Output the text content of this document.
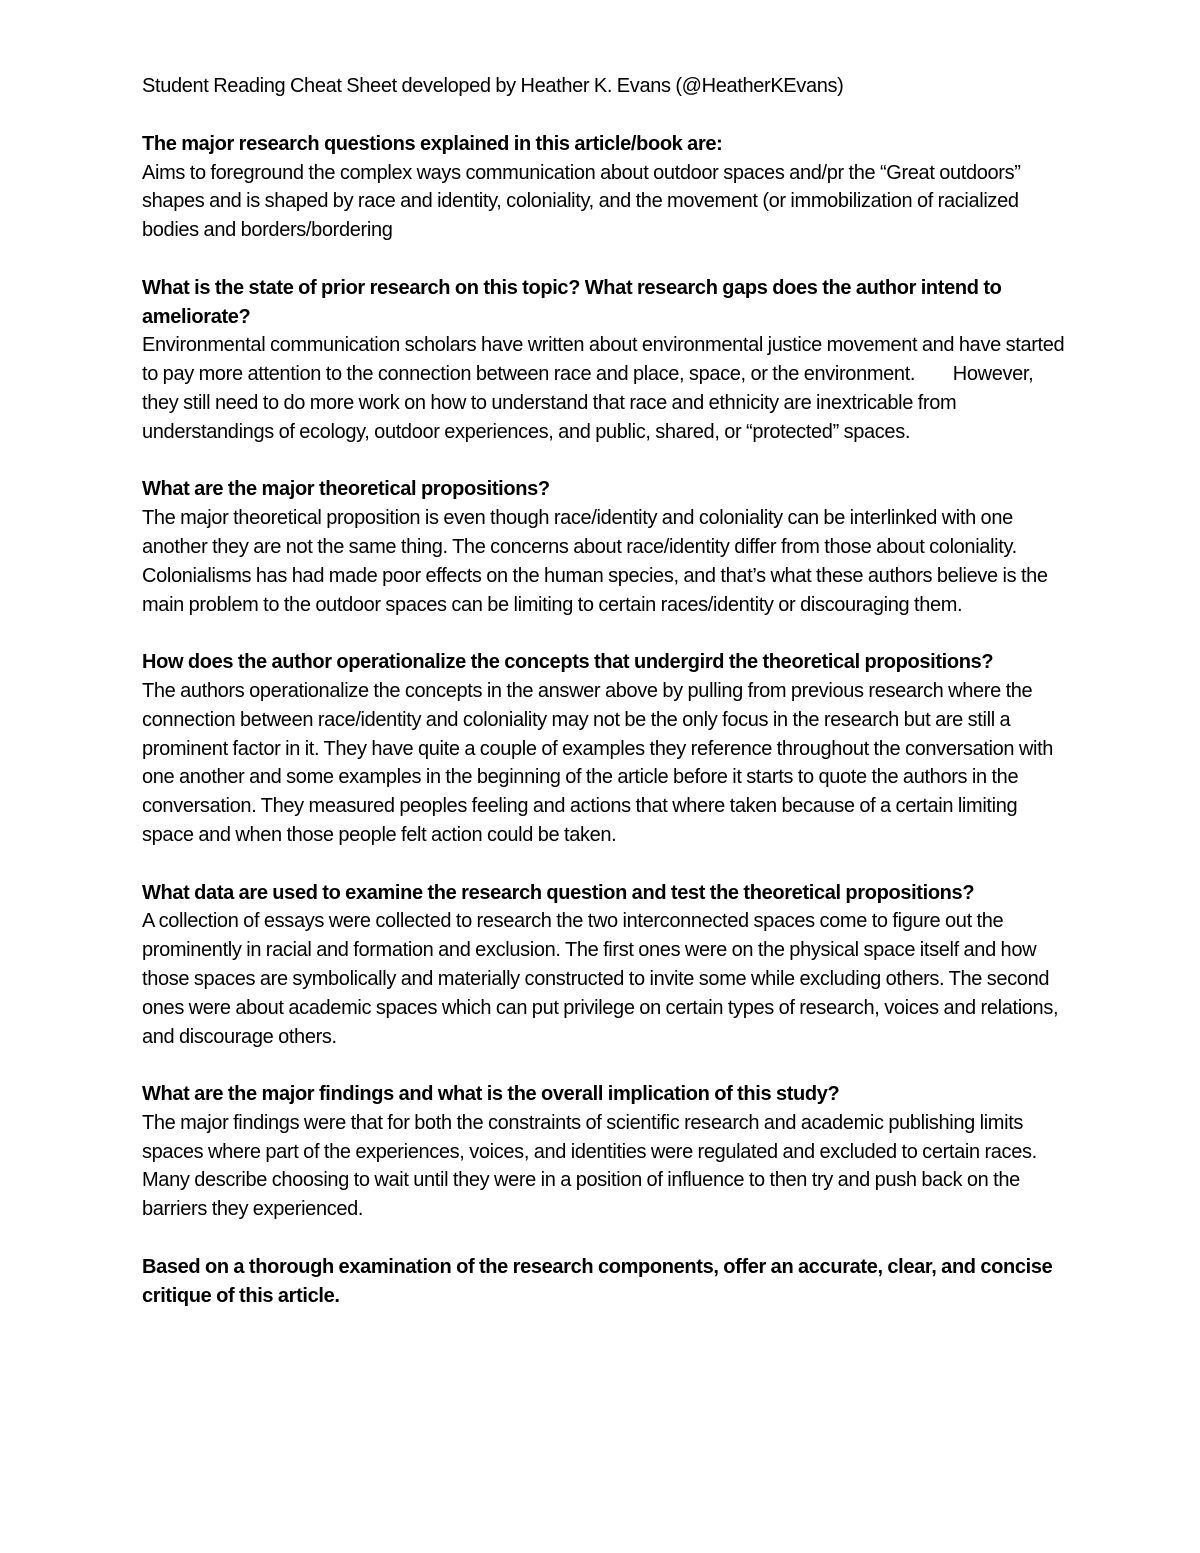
Student Reading Cheat Sheet developed by Heather K. Evans (@HeatherKEvans)

The major research questions explained in this article/book are:

Aims to foreground the complex ways communication about outdoor spaces and/pr the “Great outdoors” shapes and is shaped by race and identity, coloniality, and the movement (or immobilization of racialized bodies and borders/bordering

What is the state of prior research on this topic? What research gaps does the author intend to ameliorate?

Environmental communication scholars have written about environmental justice movement and have started to pay more attention to the connection between race and place, space, or the environment.        However, they still need to do more work on how to understand that race and ethnicity are inextricable from understandings of ecology, outdoor experiences, and public, shared, or “protected” spaces.

What are the major theoretical propositions?

The major theoretical proposition is even though race/identity and coloniality can be interlinked with one another they are not the same thing. The concerns about race/identity differ from those about coloniality. Colonialisms has had made poor effects on the human species, and that’s what these authors believe is the main problem to the outdoor spaces can be limiting to certain races/identity or discouraging them.

How does the author operationalize the concepts that undergird the theoretical propositions?

The authors operationalize the concepts in the answer above by pulling from previous research where the connection between race/identity and coloniality may not be the only focus in the research but are still a prominent factor in it. They have quite a couple of examples they reference throughout the conversation with one another and some examples in the beginning of the article before it starts to quote the authors in the conversation. They measured peoples feeling and actions that where taken because of a certain limiting space and when those people felt action could be taken.

What data are used to examine the research question and test the theoretical propositions?

A collection of essays were collected to research the two interconnected spaces come to figure out the prominently in racial and formation and exclusion. The first ones were on the physical space itself and how those spaces are symbolically and materially constructed to invite some while excluding others. The second ones were about academic spaces which can put privilege on certain types of research, voices and relations, and discourage others.

What are the major findings and what is the overall implication of this study?

The major findings were that for both the constraints of scientific research and academic publishing limits spaces where part of the experiences, voices, and identities were regulated and excluded to certain races. Many describe choosing to wait until they were in a position of influence to then try and push back on the barriers they experienced.

Based on a thorough examination of the research components, offer an accurate, clear, and concise critique of this article.
